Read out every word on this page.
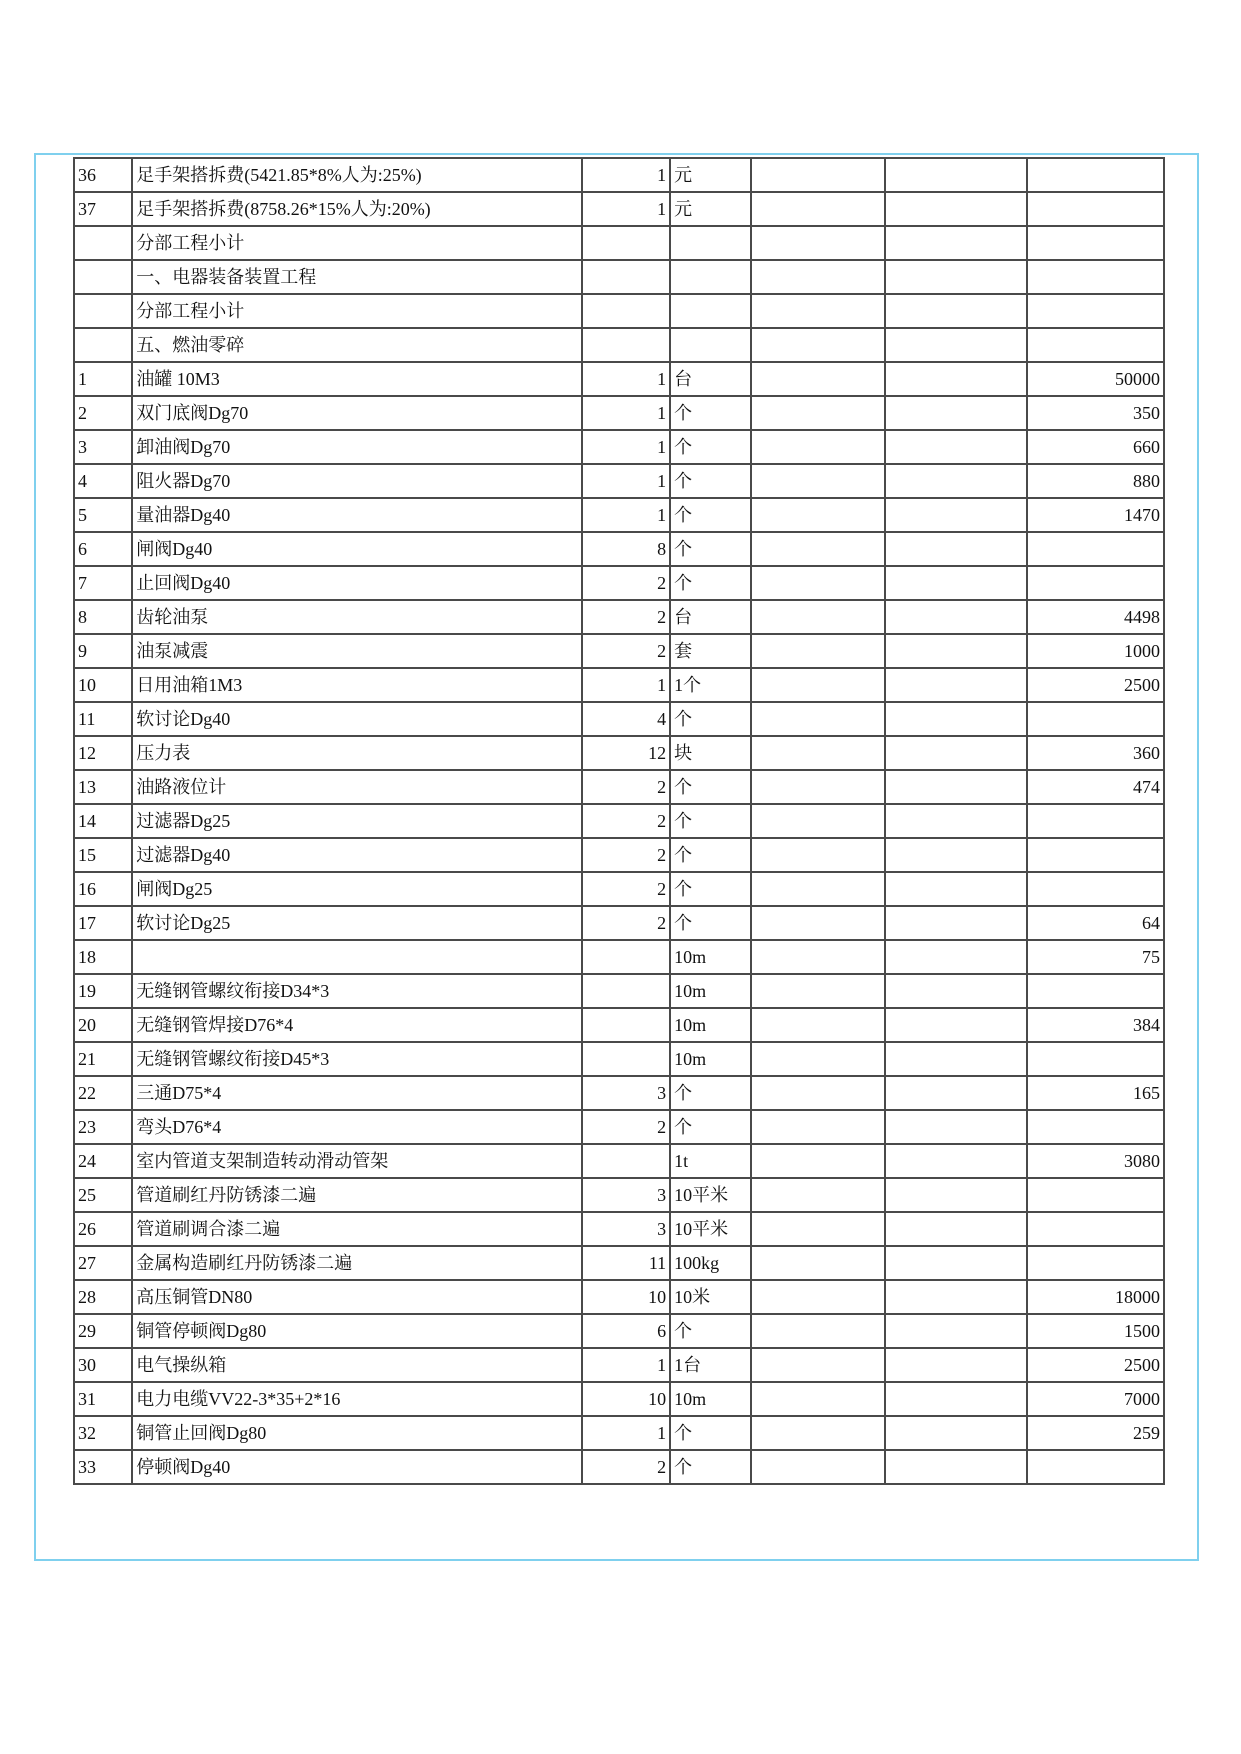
36	足手架搭拆费(5421.85*8%人为:25%)	1	元			
37	足手架搭拆费(8758.26*15%人为:20%)	1	元			
	分部工程小计					
	一、电器装备装置工程					
	分部工程小计					
	五、燃油零碎					
1	油罐 10M3	1	台			50000
2	双门底阀Dg70	1	个			350
3	卸油阀Dg70	1	个			660
4	阻火器Dg70	1	个			880
5	量油器Dg40	1	个			1470
6	闸阀Dg40	8	个			
7	止回阀Dg40	2	个			
8	齿轮油泵	2	台			4498
9	油泵减震	2	套			1000
10	日用油箱1M3	1	1个			2500
11	软讨论Dg40	4	个			
12	压力表	12	块			360
13	油路液位计	2	个			474
14	过滤器Dg25	2	个			
15	过滤器Dg40	2	个			
16	闸阀Dg25	2	个			
17	软讨论Dg25	2	个			64
18			10m			75
19	无缝钢管螺纹衔接D34*3		10m			
20	无缝钢管焊接D76*4		10m			384
21	无缝钢管螺纹衔接D45*3		10m			
22	三通D75*4	3	个			165
23	弯头D76*4	2	个			
24	室内管道支架制造转动滑动管架		1t			3080
25	管道刷红丹防锈漆二遍	3	10平米			
26	管道刷调合漆二遍	3	10平米			
27	金属构造刷红丹防锈漆二遍	11	100kg			
28	高压铜管DN80	10	10米			18000
29	铜管停顿阀Dg80	6	个			1500
30	电气操纵箱	1	1台			2500
31	电力电缆VV22-3*35+2*16	10	10m			7000
32	铜管止回阀Dg80	1	个			259
33	停顿阀Dg40	2	个			
